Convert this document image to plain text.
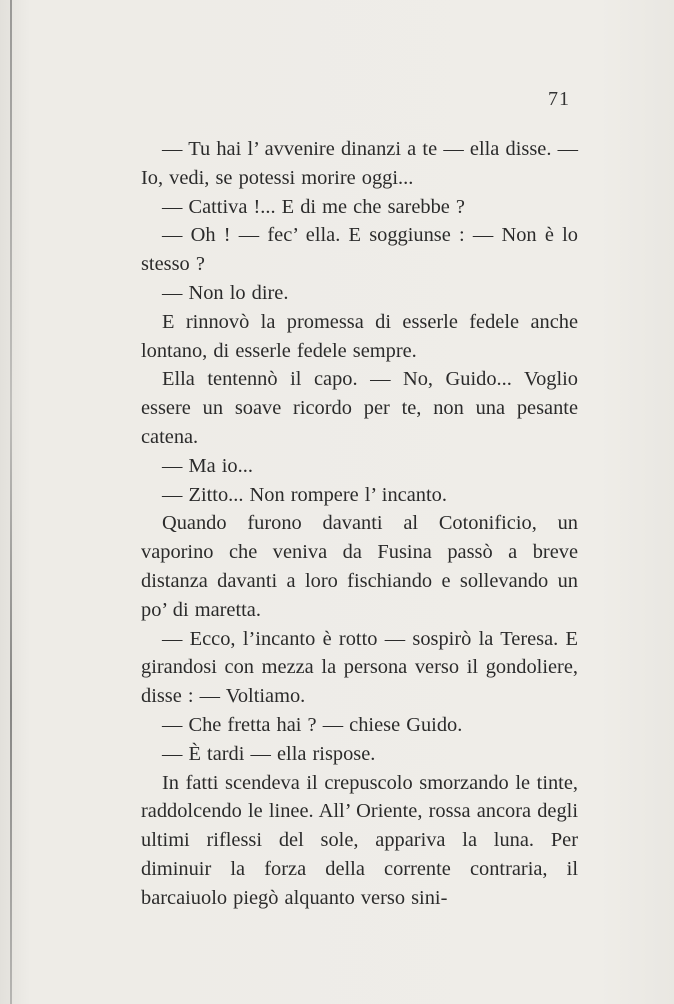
71

— Tu hai l’ avvenire dinanzi a te — ella disse. — Io, vedi, se potessi morire oggi...

— Cattiva !... E di me che sarebbe ?

— Oh ! — fec’ ella. E soggiunse : — Non è lo stesso ?

— Non lo dire.

E rinnovò la promessa di esserle fedele anche lontano, di esserle fedele sempre.

Ella tentennò il capo. — No, Guido... Voglio essere un soave ricordo per te, non una pesante catena.

— Ma io...

— Zitto... Non rompere l’ incanto.

Quando furono davanti al Cotonificio, un vaporino che veniva da Fusina passò a breve distanza davanti a loro fischiando e sollevando un po’ di maretta.

— Ecco, l’incanto è rotto — sospirò la Teresa. E girandosi con mezza la persona verso il gondoliere, disse : — Voltiamo.

— Che fretta hai ? — chiese Guido.

— È tardi — ella rispose.

In fatti scendeva il crepuscolo smorzando le tinte, raddolcendo le linee. All’ Oriente, rossa ancora degli ultimi riflessi del sole, appariva la luna. Per diminuir la forza della corrente contraria, il barcaiuolo piegò alquanto verso sini-
